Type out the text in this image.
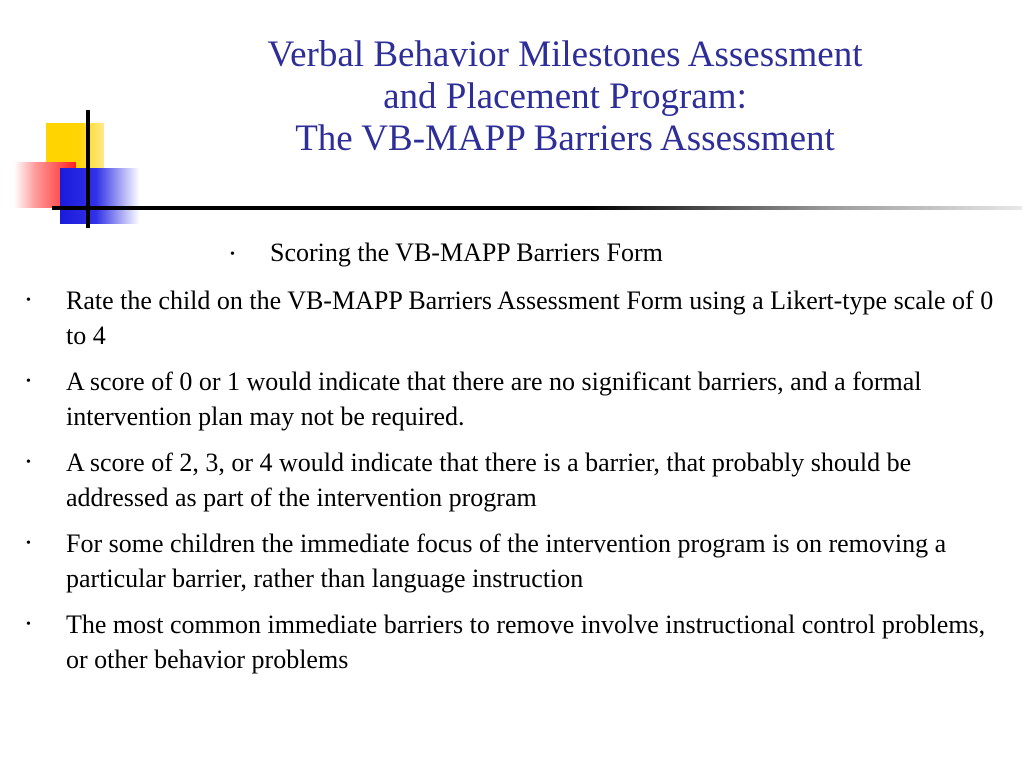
Verbal Behavior Milestones Assessment
and Placement Program:
The VB-MAPP Barriers Assessment
• Scoring the VB-MAPP Barriers Form
• Rate the child on the VB-MAPP Barriers Assessment Form using a Likert-type scale of 0 to 4
• A score of 0 or 1 would indicate that there are no significant barriers, and a formal intervention plan may not be required.
• A score of 2, 3, or 4 would indicate that there is a barrier, that probably should be addressed as part of the intervention program
• For some children the immediate focus of the intervention program is on removing a particular barrier, rather than language instruction
• The most common immediate barriers to remove involve instructional control problems, or other behavior problems
